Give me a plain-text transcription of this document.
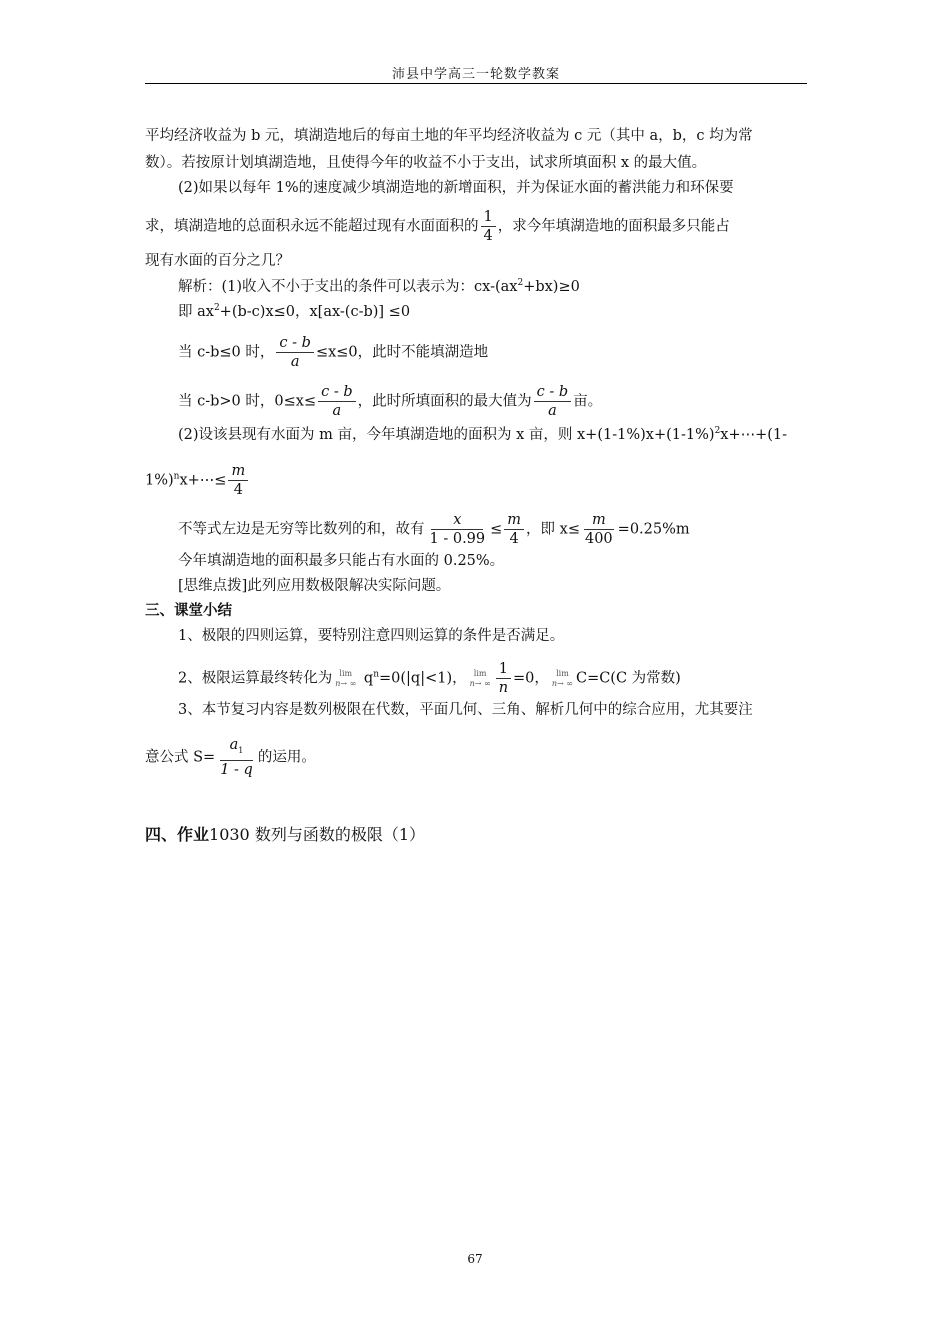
沛县中学高三一轮数学教案
平均经济收益为 b 元，填湖造地后的每亩土地的年平均经济收益为 c 元（其中 a，b，c 均为常
数）。若按原计划填湖造地，且使得今年的收益不小于支出，试求所填面积 x 的最大值。
(2)如果以每年 1%的速度减少填湖造地的新增面积，并为保证水面的蓄洪能力和环保要
求，填湖造地的总面积永远不能超过现有水面面积的 $\frac{1}{4}$ ，求今年填湖造地的面积最多只能占
现有水面的百分之几？
解析：(1)收入不小于支出的条件可以表示为：$cx-(ax^2+bx)\ge 0$
即 $ax^2+(b-c)x\le 0$，x[ax-(c-b)] ≤0
当 c-b≤0 时， $\frac{c - b}{a} \le x\le 0$，此时不能填湖造地
当 c-b>0 时，$0\le x\le \frac{c - b}{a}$ ，此时所填面积的最大值为 $\frac{c - b}{a}$ 亩。
(2)设该县现有水面为 m 亩，今年填湖造地的面积为 x 亩，则 $x+(1-1\%)x+(1-1\%)^2x+\cdots+(1-$
1%)$^n$x+⋯≤ $\frac{m}{4}$
不等式左边是无穷等比数列的和，故有 $\frac{x}{1 - 0.99} \le \frac{m}{4}$ ，即 $x\le \frac{m}{400} =0.25\%m$
今年填湖造地的面积最多只能占有水面的 0.25%。
[思维点拨]此列应用数极限解决实际问题。
三、课堂小结
1、极限的四则运算，要特别注意四则运算的条件是否满足。
2、极限运算最终转化为 lim
n→ ∞ $q^n=0(|q|<1)$， lim
n→ ∞ $\frac{1}{n} =0$， lim
n→ ∞ C=C(C 为常数)
3、本节复习内容是数列极限在代数，平面几何、三角、解析几何中的综合应用，尤其要注
意公式 $S= \frac{a_1}{1 - q}$ 的运用。
四、作业1030 数列与函数的极限（1）
67
